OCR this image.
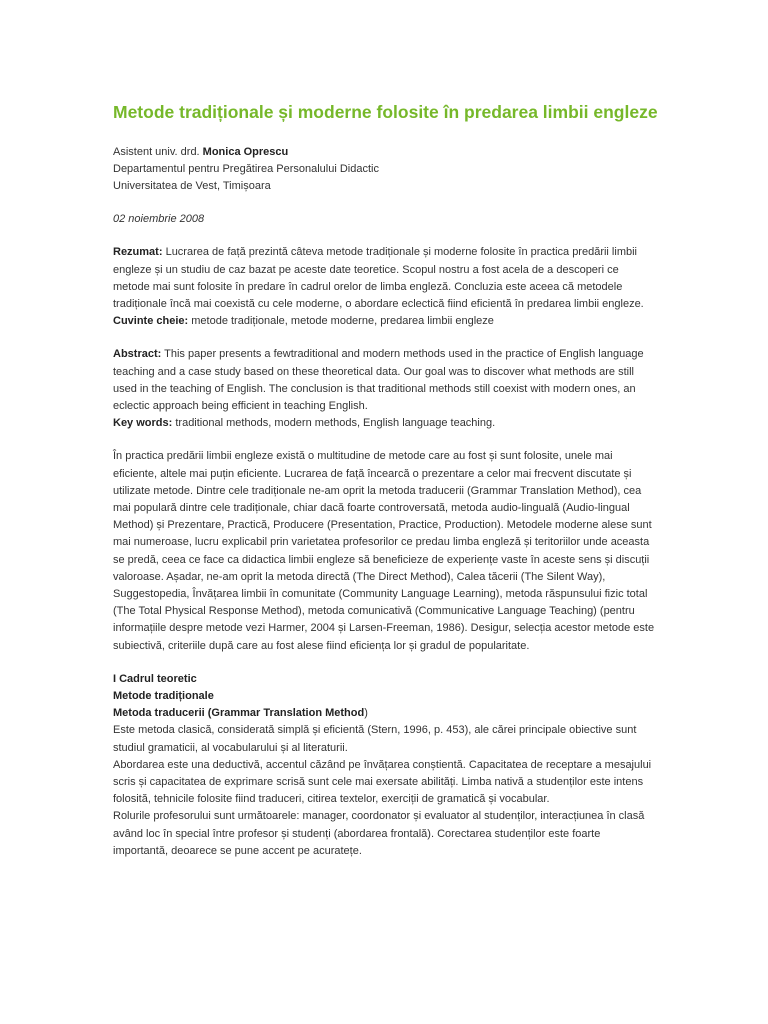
Metode tradiționale și moderne folosite în predarea limbii engleze
Asistent univ. drd. Monica Oprescu
Departamentul pentru Pregătirea Personalului Didactic
Universitatea de Vest, Timișoara
02 noiembrie 2008
Rezumat: Lucrarea de față prezintă câteva metode tradiționale și moderne folosite în practica predării limbii engleze și un studiu de caz bazat pe aceste date teoretice. Scopul nostru a fost acela de a descoperi ce metode mai sunt folosite în predare în cadrul orelor de limba engleză. Concluzia este aceea că metodele tradiționale încă mai coexistă cu cele moderne, o abordare eclectică fiind eficientă în predarea limbii engleze.
Cuvinte cheie: metode tradiționale, metode moderne, predarea limbii engleze
Abstract: This paper presents a fewtraditional and modern methods used in the practice of English language teaching and a case study based on these theoretical data. Our goal was to discover what methods are still used in the teaching of English. The conclusion is that traditional methods still coexist with modern ones, an eclectic approach being efficient in teaching English.
Key words: traditional methods, modern methods, English language teaching.
În practica predării limbii engleze există o multitudine de metode care au fost și sunt folosite, unele mai eficiente, altele mai puțin eficiente. Lucrarea de față încearcă o prezentare a celor mai frecvent discutate și utilizate metode. Dintre cele tradiționale ne-am oprit la metoda traducerii (Grammar Translation Method), cea mai populară dintre cele tradiționale, chiar dacă foarte controversată, metoda audio-linguală (Audio-lingual Method) și Prezentare, Practică, Producere (Presentation, Practice, Production). Metodele moderne alese sunt mai numeroase, lucru explicabil prin varietatea profesorilor ce predau limba engleză și teritoriilor unde aceasta se predă, ceea ce face ca didactica limbii engleze să beneficieze de experiențe vaste în aceste sens și discuții valoroase. Așadar, ne-am oprit la metoda directă (The Direct Method), Calea tăcerii (The Silent Way), Suggestopedia, Învățarea limbii în comunitate (Community Language Learning), metoda răspunsului fizic total (The Total Physical Response Method), metoda comunicativă (Communicative Language Teaching) (pentru informațiile despre metode vezi Harmer, 2004 și Larsen-Freeman, 1986). Desigur, selecția acestor metode este subiectivă, criteriile după care au fost alese fiind eficiența lor și gradul de popularitate.
I Cadrul teoretic
Metode tradiționale
Metoda traducerii (Grammar Translation Method)
Este metoda clasică, considerată simplă și eficientă (Stern, 1996, p. 453), ale cărei principale obiective sunt studiul gramaticii, al vocabularului și al literaturii.
Abordarea este una deductivă, accentul căzând pe învățarea conștientă. Capacitatea de receptare a mesajului scris și capacitatea de exprimare scrisă sunt cele mai exersate abilități. Limba nativă a studenților este intens folosită, tehnicile folosite fiind traduceri, citirea textelor, exerciții de gramatică și vocabular.
Rolurile profesorului sunt următoarele: manager, coordonator și evaluator al studenților, interacțiunea în clasă având loc în special între profesor și studenți (abordarea frontală). Corectarea studenților este foarte importantă, deoarece se pune accent pe acuratețe.
